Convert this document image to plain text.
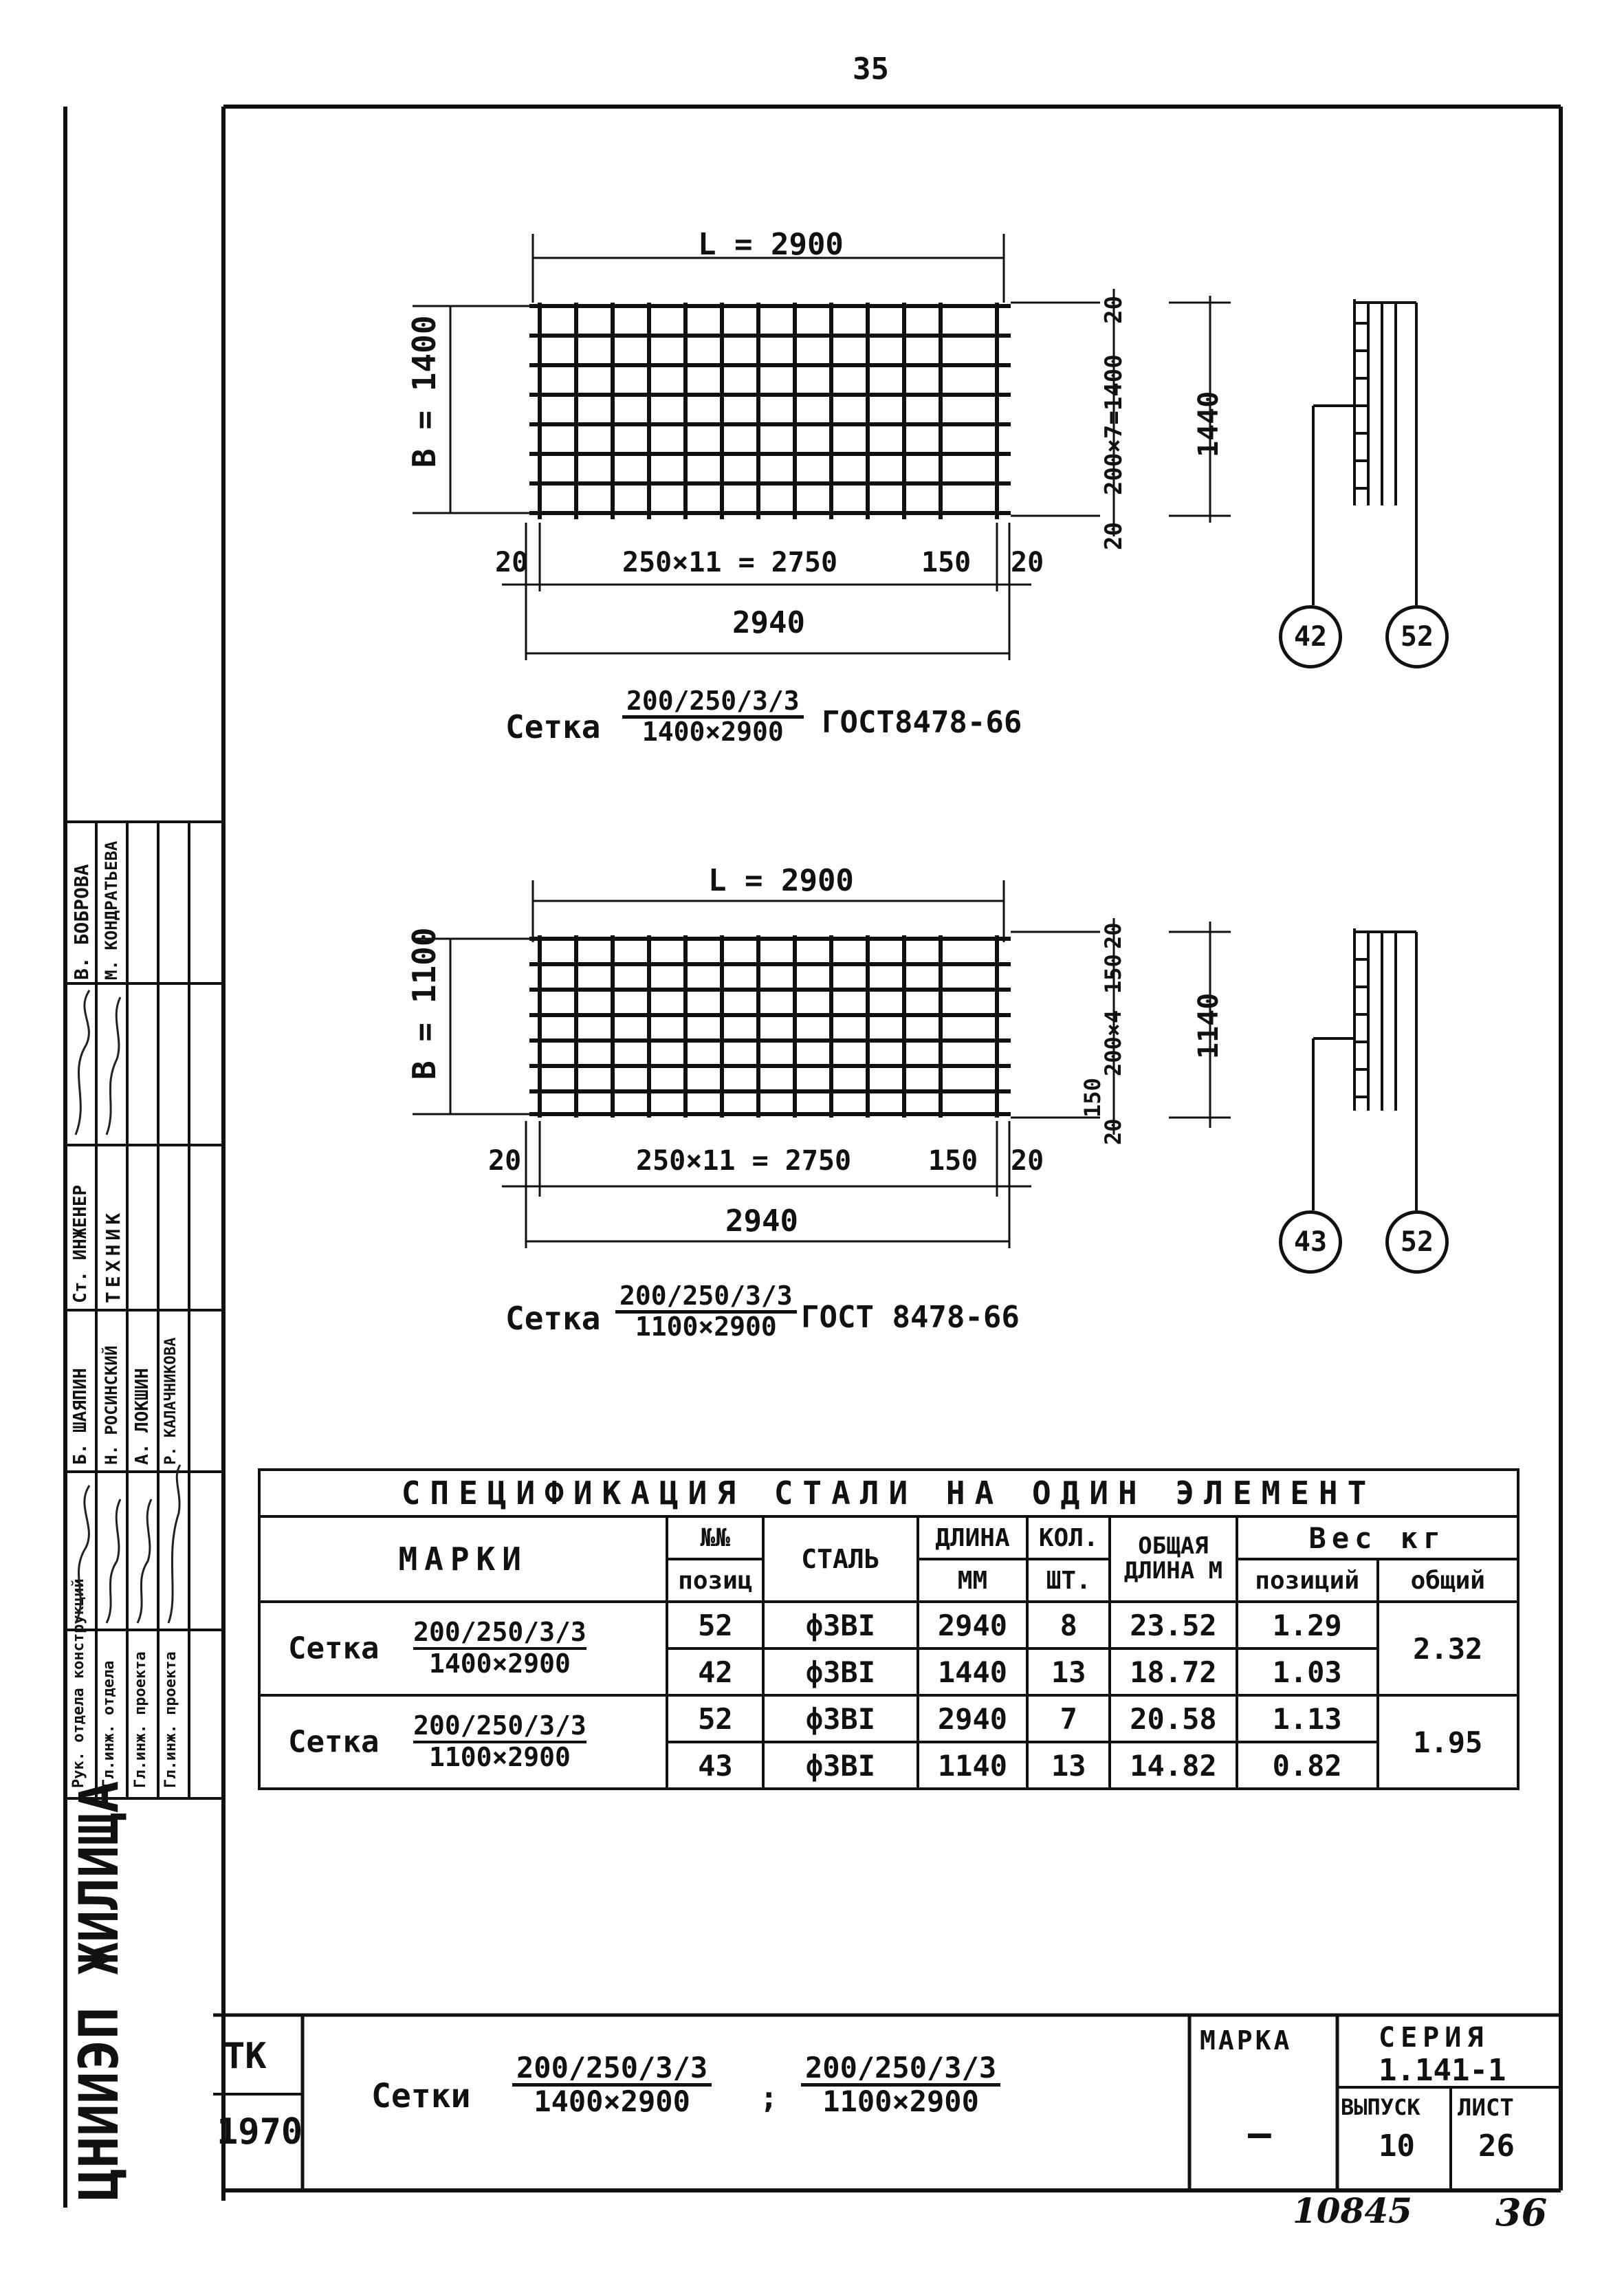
35
L = 2900
B = 1400
20	250×11 = 2750	150 20
2940
20
200×7=1400
20
1440
42	52
Сетка $\frac{200/250/3/3}{1400\times 2900}$ ГОСТ8478-66
L = 2900
B = 1100
20	250×11 = 2750	150 20
2940
20
150
200×4
150
20
1140
43	52
Сетка $\frac{200/250/3/3}{1100\times 2900}$ ГОСТ 8478-66
СПЕЦИФИКАЦИЯ СТАЛИ НА ОДИН ЭЛЕМЕНТ							
МАРКИ	№№	СТАЛЬ	ДЛИНА	КОЛ.	ОБЩАЯ ДЛИНА М	Вес кг	
	позиц		ММ	ШТ.		позиций	общий
Сетка $\frac{200/250/3/3}{1400\times 2900}$	52	ф3ВI	2940	8	23.52	1.29	2.32
	42	ф3ВI	1440	13	18.72	1.03	
Сетка $\frac{200/250/3/3}{1100\times 2900}$	52	ф3ВI	2940	7	20.58	1.13	1.95
	43	ф3ВI	1140	13	14.82	0.82	
ЦНИИЭП ЖИЛИЩА
Рук. отдела конструкций Гл.инж. отдела Гл.инж. проекта Гл.инж. проекта
Б. ШАЯПИН Н. РОСИНСКИЙ А. ЛОКШИН Р. КАЛАЧНИКОВА
Ст. ИНЖЕНЕР ТЕХНИК
В. БОБРОВА М. КОНДРАТЬЕВА
ТК
1970
Сетки $\frac{200/250/3/3}{1400\times 2900}$ ; $\frac{200/250/3/3}{1100\times 2900}$
МАРКА
—
СЕРИЯ
1.141-1
ВЫПУСК
10
ЛИСТ
26
10845 36
